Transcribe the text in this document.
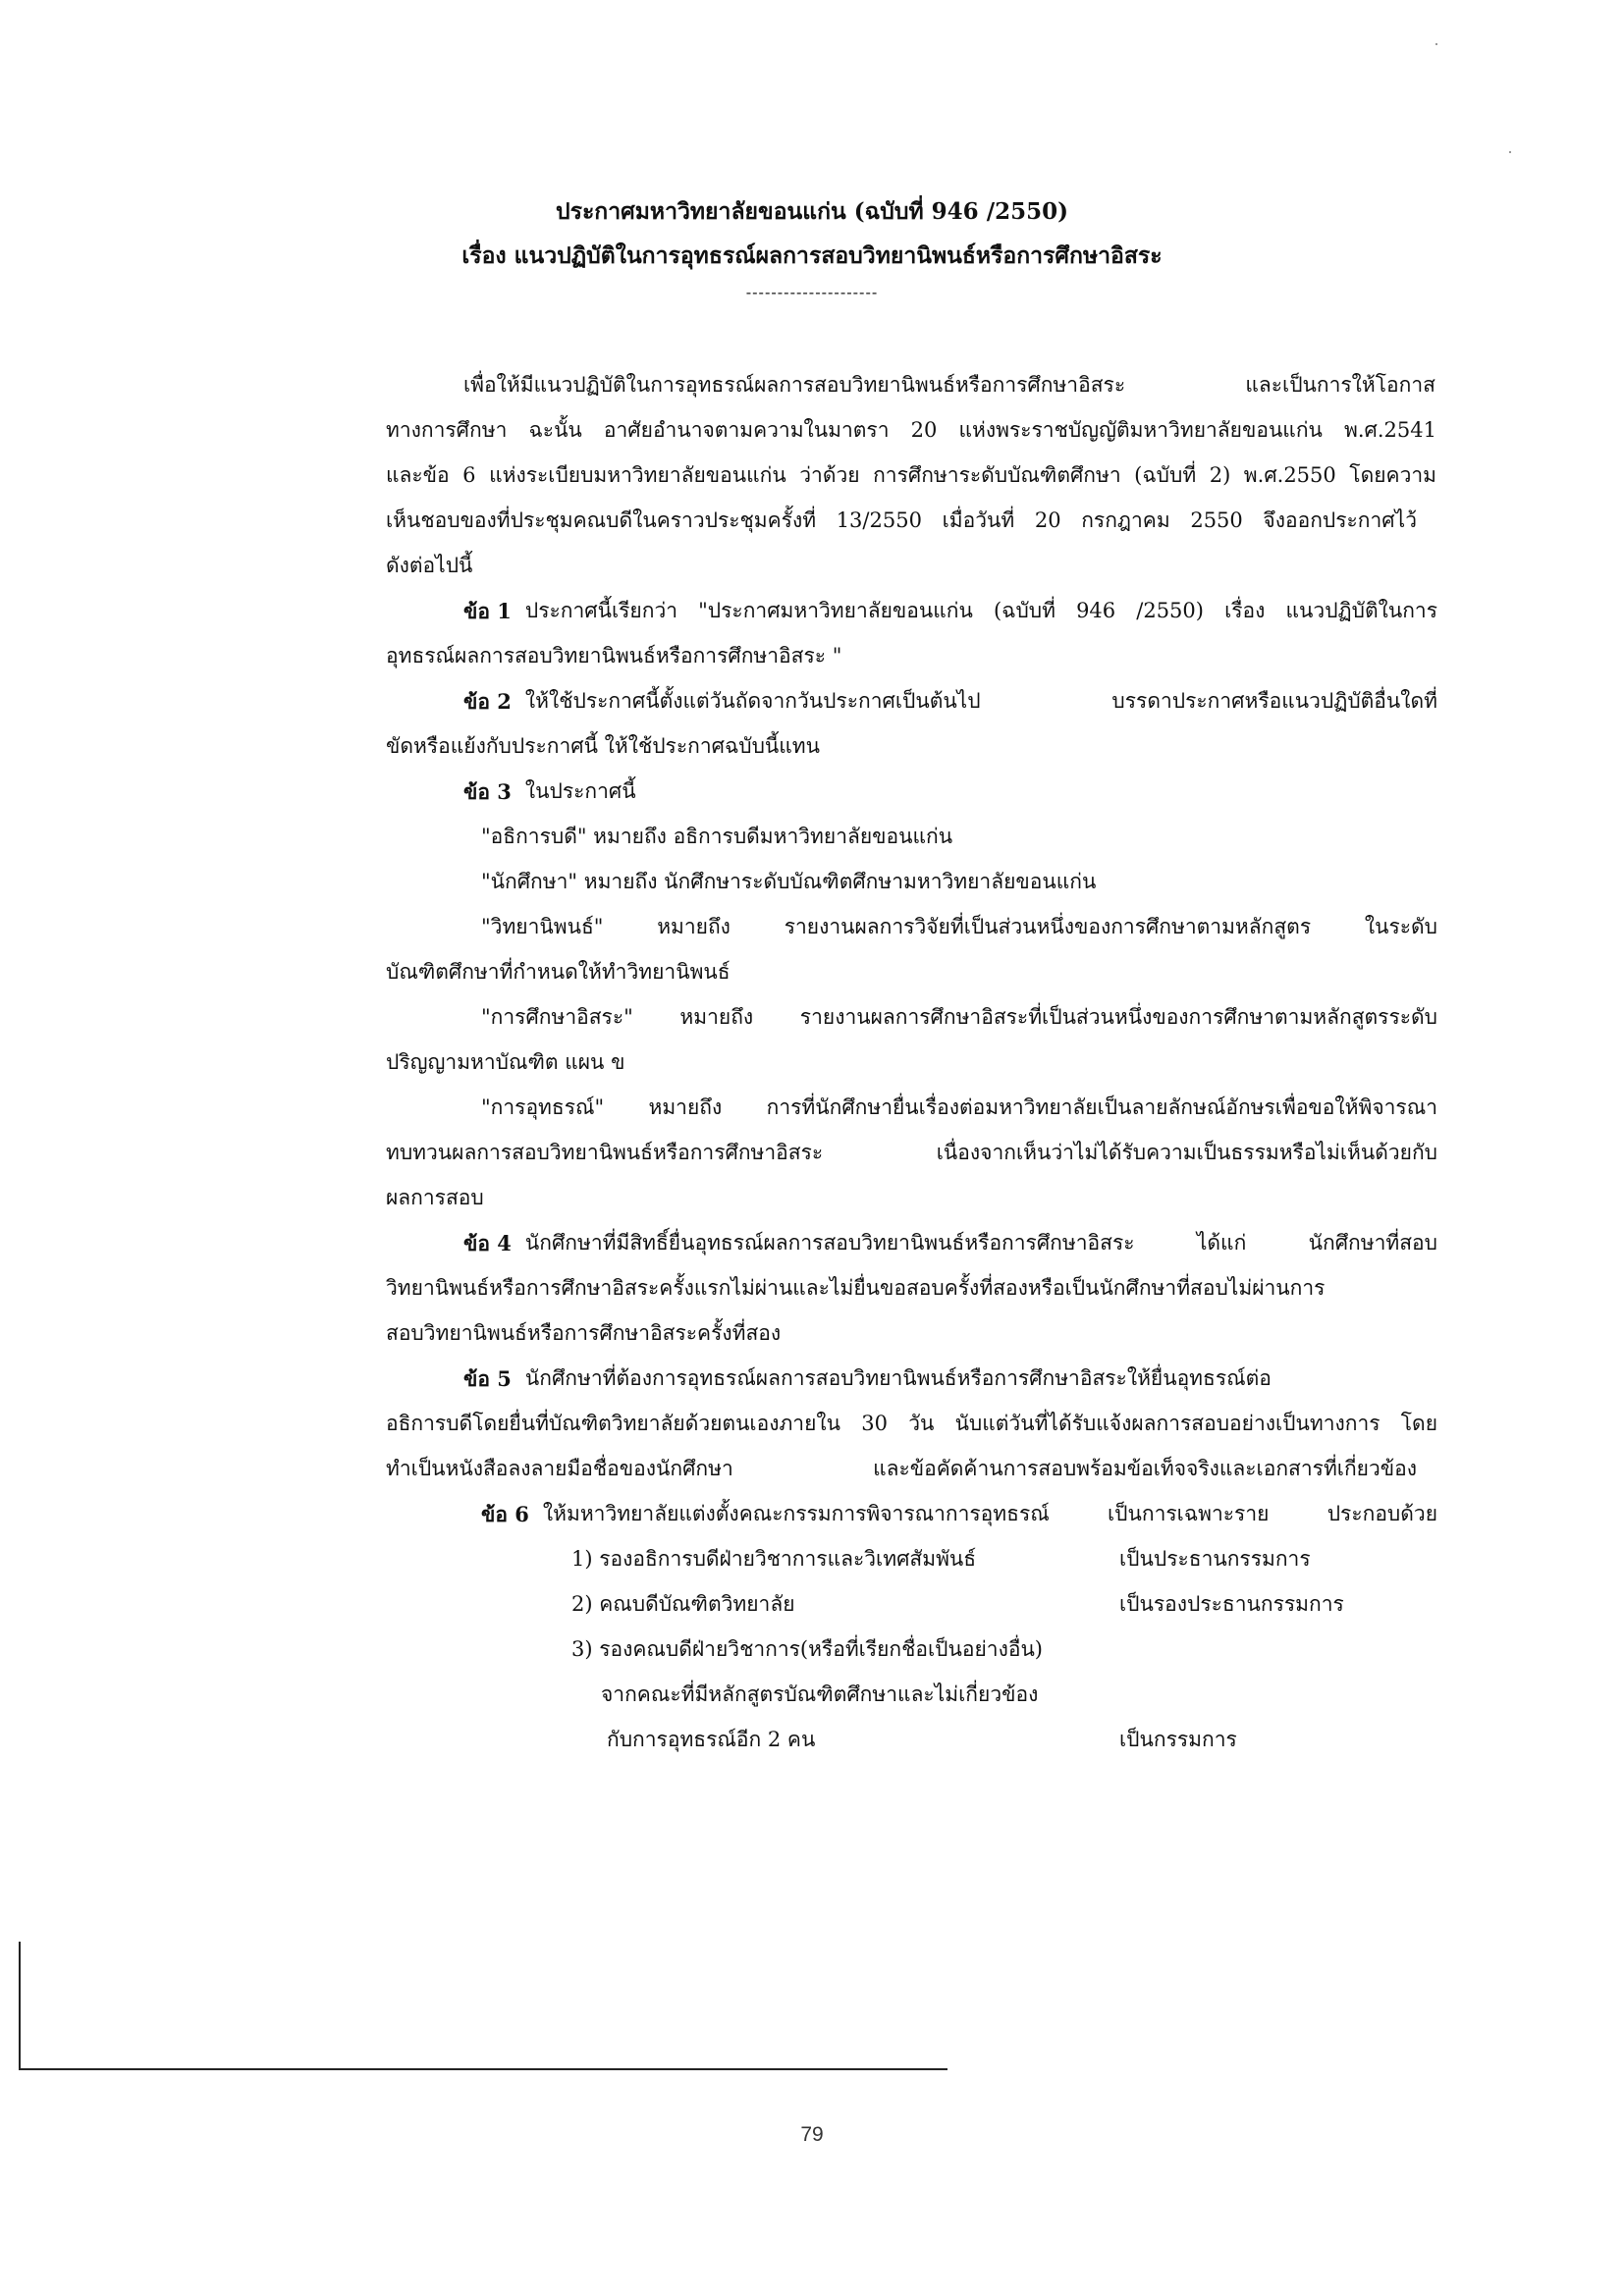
ประกาศมหาวิทยาลัยขอนแก่น (ฉบับที่ 946 /2550)
เรื่อง แนวปฏิบัติในการอุทธรณ์ผลการสอบวิทยานิพนธ์หรือการศึกษาอิสระ
---------------------
เพื่อให้มีแนวปฏิบัติในการอุทธรณ์ผลการสอบวิทยานิพนธ์หรือการศึกษาอิสระ และเป็นการให้โอกาส
ทางการศึกษา ฉะนั้น อาศัยอำนาจตามความในมาตรา 20 แห่งพระราชบัญญัติมหาวิทยาลัยขอนแก่น พ.ศ.2541
และข้อ 6 แห่งระเบียบมหาวิทยาลัยขอนแก่น ว่าด้วย การศึกษาระดับบัณฑิตศึกษา (ฉบับที่ 2) พ.ศ.2550 โดยความ
เห็นชอบของที่ประชุมคณบดีในคราวประชุมครั้งที่ 13/2550 เมื่อวันที่ 20 กรกฎาคม 2550 จึงออกประกาศไว้
ดังต่อไปนี้
ข้อ 1 ประกาศนี้เรียกว่า "ประกาศมหาวิทยาลัยขอนแก่น (ฉบับที่ 946 /2550) เรื่อง แนวปฏิบัติในการ
อุทธรณ์ผลการสอบวิทยานิพนธ์หรือการศึกษาอิสระ "
ข้อ 2 ให้ใช้ประกาศนี้ตั้งแต่วันถัดจากวันประกาศเป็นต้นไป บรรดาประกาศหรือแนวปฏิบัติอื่นใดที่
ขัดหรือแย้งกับประกาศนี้ ให้ใช้ประกาศฉบับนี้แทน
ข้อ 3 ในประกาศนี้
"อธิการบดี" หมายถึง อธิการบดีมหาวิทยาลัยขอนแก่น
"นักศึกษา" หมายถึง นักศึกษาระดับบัณฑิตศึกษามหาวิทยาลัยขอนแก่น
"วิทยานิพนธ์" หมายถึง รายงานผลการวิจัยที่เป็นส่วนหนึ่งของการศึกษาตามหลักสูตร ในระดับ
บัณฑิตศึกษาที่กำหนดให้ทำวิทยานิพนธ์
"การศึกษาอิสระ" หมายถึง รายงานผลการศึกษาอิสระที่เป็นส่วนหนึ่งของการศึกษาตามหลักสูตรระดับ
ปริญญามหาบัณฑิต แผน ข
"การอุทธรณ์" หมายถึง การที่นักศึกษายื่นเรื่องต่อมหาวิทยาลัยเป็นลายลักษณ์อักษรเพื่อขอให้พิจารณา
ทบทวนผลการสอบวิทยานิพนธ์หรือการศึกษาอิสระ เนื่องจากเห็นว่าไม่ได้รับความเป็นธรรมหรือไม่เห็นด้วยกับ
ผลการสอบ
ข้อ 4 นักศึกษาที่มีสิทธิ์ยื่นอุทธรณ์ผลการสอบวิทยานิพนธ์หรือการศึกษาอิสระ ได้แก่ นักศึกษาที่สอบ
วิทยานิพนธ์หรือการศึกษาอิสระครั้งแรกไม่ผ่านและไม่ยื่นขอสอบครั้งที่สองหรือเป็นนักศึกษาที่สอบไม่ผ่านการ
สอบวิทยานิพนธ์หรือการศึกษาอิสระครั้งที่สอง
ข้อ 5 นักศึกษาที่ต้องการอุทธรณ์ผลการสอบวิทยานิพนธ์หรือการศึกษาอิสระให้ยื่นอุทธรณ์ต่อ
อธิการบดีโดยยื่นที่บัณฑิตวิทยาลัยด้วยตนเองภายใน 30 วัน นับแต่วันที่ได้รับแจ้งผลการสอบอย่างเป็นทางการ โดย
ทำเป็นหนังสือลงลายมือชื่อของนักศึกษา และข้อคัดค้านการสอบพร้อมข้อเท็จจริงและเอกสารที่เกี่ยวข้อง
ข้อ 6 ให้มหาวิทยาลัยแต่งตั้งคณะกรรมการพิจารณาการอุทธรณ์ เป็นการเฉพาะราย ประกอบด้วย
1) รองอธิการบดีฝ่ายวิชาการและวิเทศสัมพันธ์	เป็นประธานกรรมการ
2) คณบดีบัณฑิตวิทยาลัย	เป็นรองประธานกรรมการ
3) รองคณบดีฝ่ายวิชาการ(หรือที่เรียกชื่อเป็นอย่างอื่น)
จากคณะที่มีหลักสูตรบัณฑิตศึกษาและไม่เกี่ยวข้อง
กับการอุทธรณ์อีก 2 คน	เป็นกรรมการ
79
